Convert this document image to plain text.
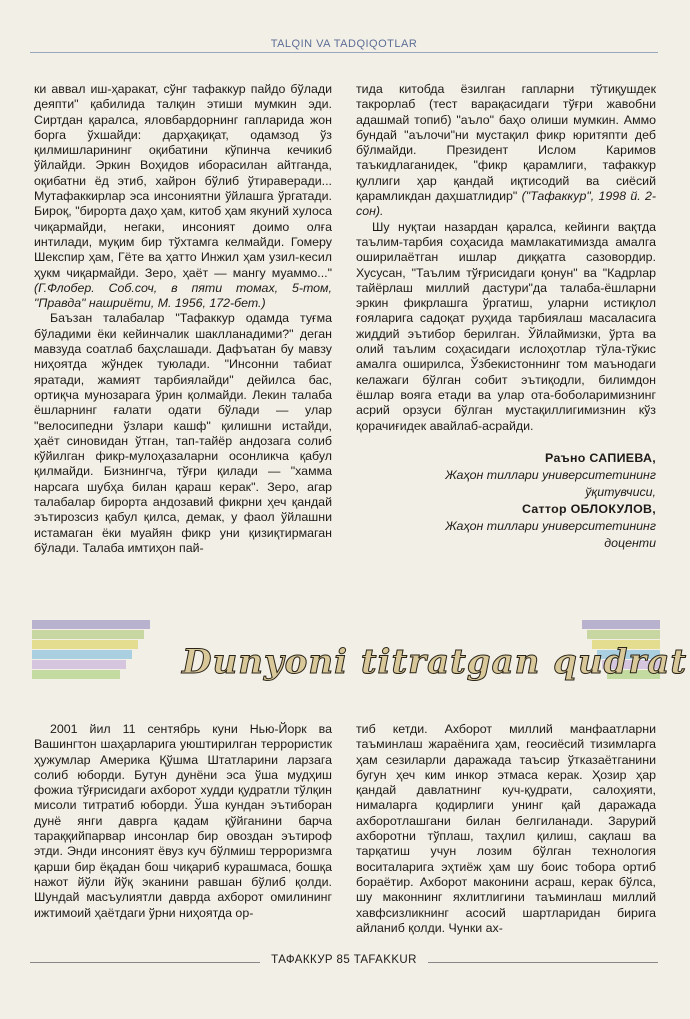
TALQIN VA TADQIQOTLAR

ки аввал иш-ҳаракат, сўнг тафаккур пайдо бўлади деяпти" қабилида талқин этиши мумкин эди. Сиртдан қаралса, яловбардорнинг гапларида жон борга ўхшайди: дарҳақиқат, одамзод ўз қилмишларининг оқибатини кўпинча кечикиб ўйлайди. Эркин Воҳидов иборасилан айтганда, оқибатни ёд этиб, хайрон бўлиб ўтираверади... Мутафаккирлар эса инсониятни ўйлашга ўргатади. Бироқ, "бирорта даҳо ҳам, китоб ҳам якуний хулоса чиқармайди, негаки, инсоният доимо олға интилади, муқим бир тўхтамга келмайди. Гомеру Шекспир ҳам, Гёте ва ҳатто Инжил ҳам узил-кесил ҳукм чиқармайди. Зеро, ҳаёт — мангу муаммо..." (Г.Флобер. Соб.соч, в пяти томах, 5-том, "Правда" нашриёти, М. 1956, 172-бет.)

Баъзан талабалар "Тафаккур одамда туғма бўладими ёки кейинчалик шаклланадими?" деган мавзуда соатлаб баҳслашади. Дафъатан бу мавзу ниҳоятда жўндек туюлади. "Инсонни табиат яратади, жамият тарбиялайди" дейилса бас, ортиқча мунозарага ўрин қолмайди. Лекин талаба ёшларнинг ғалати одати бўлади — улар "велосипедни ўзлари кашф" қилишни истайди, ҳаёт синовидан ўтган, тап-тайёр андозага солиб кўйилган фикр-мулоҳазаларни осонликча қабул қилмайди. Бизнингча, тўғри қилади — "хамма нарсага шубҳа билан қараш керак". Зеро, агар талабалар бирорта андозавий фикрни ҳеч қандай эътирозсиз қабул қилса, демак, у фаол ўйлашни истамаган ёки муайян фикр уни қизиқтирмаган бўлади. Талаба имтиҳон пай-

тида китобда ёзилган гапларни тўтиқушдек такрорлаб (тест варақасидаги тўғри жавобни адашмай топиб) "аъло" баҳо олиши мумкин. Аммо бундай "аълочи"ни мустақил фикр юритяпти деб бўлмайди. Президент Ислом Каримов таъкидлаганидек, "фикр қарамлиги, тафаккур қуллиги ҳар қандай иқтисодий ва сиёсий қарамликдан даҳшатлидир" ("Тафаккур", 1998 й. 2-сон).

Шу нуқтаи назардан қаралса, кейинги вақтда таълим-тарбия соҳасида мамлакатимизда амалга оширилаётган ишлар диққатга сазовордир. Хусусан, "Таълим тўғрисидаги қонун" ва "Кадрлар тайёрлаш миллий дастури"да талаба-ёшларни эркин фикрлашга ўргатиш, уларни истиқлол ғояларига садоқат руҳида тарбиялаш масаласига жиддий эътибор берилган. Ўйлаймизки, ўрта ва олий таълим соҳасидаги ислоҳотлар тўла-тўкис амалга оширилса, Ўзбекистоннинг том маънодаги келажаги бўлган собит эътиқодли, билимдон ёшлар вояга етади ва улар ота-боболаримизнинг асрий орзуси бўлган мустақиллигимизнин кўз қорачиғидек авайлаб-асрайди.

Раъно САПИЕВА,
Жаҳон тиллари университетининг
ўқитувчиси,
Саттор ОБЛОКУЛОВ,
Жаҳон тиллари университетининг
доценти
Dunyoni titratgan qudrat

2001 йил 11 сентябрь куни Нью-Йорк ва Вашингтон шаҳарларига уюштирилган террористик ҳужумлар Америка Қўшма Штатларини ларзага солиб юборди. Бутун дунёни эса ўша мудҳиш фожиа тўғрисидаги ахборот худди қудратли тўлқин мисоли титратиб юборди. Ўша кундан эътиборан дунё янги даврга қадам қўйганини барча тараққийпарвар инсонлар бир овоздан эътироф этди. Энди инсоният ёвуз куч бўлмиш терроризмга қарши бир ёқадан бош чиқариб курашмаса, бошқа нажот йўли йўқ эканини равшан бўлиб қолди. Шундай масъулиятли даврда ахборот омилининг ижтимоий ҳаётдаги ўрни ниҳоятда ор-

тиб кетди. Ахборот миллий манфаатларни таъминлаш жараёнига ҳам, геосиёсий тизимларга ҳам сезиларли даражада таъсир ўтказаётганини бугун ҳеч ким инкор этмаса керак. Ҳозир ҳар қандай давлатнинг куч-қудрати, салоҳияти, нималарга қодирлиги унинг қай даражада ахборотлашгани билан белгиланади. Зарурий ахборотни тўплаш, таҳлил қилиш, сақлаш ва тарқатиш учун лозим бўлган технология воситаларига эҳтиёж ҳам шу боис тобора ортиб бораётир. Ахборот маконини асраш, керак бўлса, шу маконнинг яхлитлигини таъминлаш миллий хавфсизликнинг асосий шартларидан бирига айланиб қолди. Чунки ах-

ТАФАККУР 85 TAFAKKUR
